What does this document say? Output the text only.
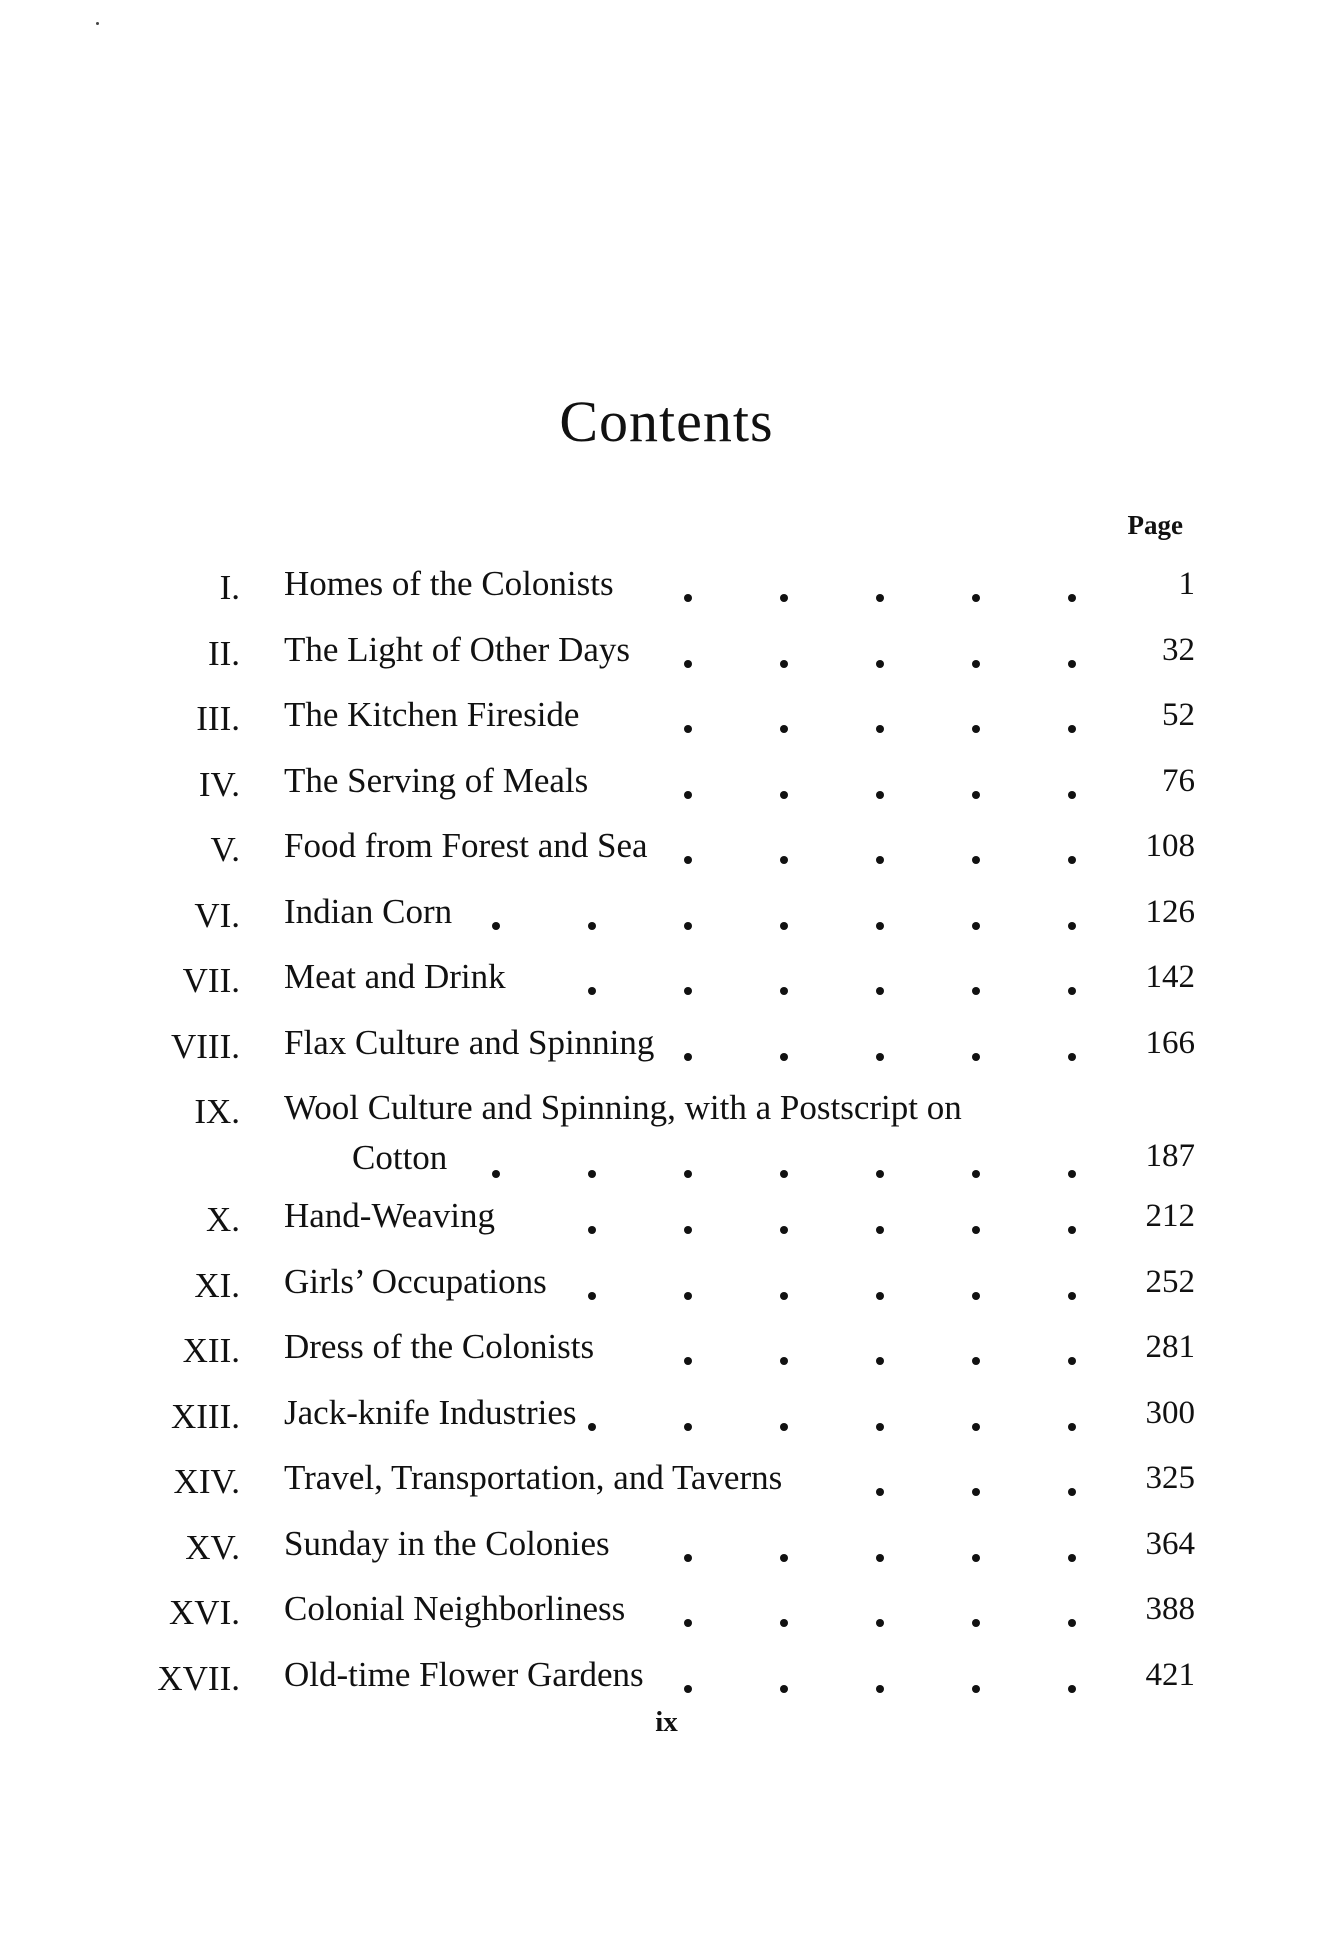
Contents
Page
I. Homes of the Colonists	1
II. The Light of Other Days	32
III. The Kitchen Fireside	52
IV. The Serving of Meals	76
V. Food from Forest and Sea	108
VI. Indian Corn	126
VII. Meat and Drink	142
VIII. Flax Culture and Spinning	166
IX. Wool Culture and Spinning, with a Postscript on
Cotton	187
X. Hand-Weaving	212
XI. Girls’ Occupations	252
XII. Dress of the Colonists	281
XIII. Jack-knife Industries	300
XIV. Travel, Transportation, and Taverns	325
XV. Sunday in the Colonies	364
XVI. Colonial Neighborliness	388
XVII. Old-time Flower Gardens	421
ix
